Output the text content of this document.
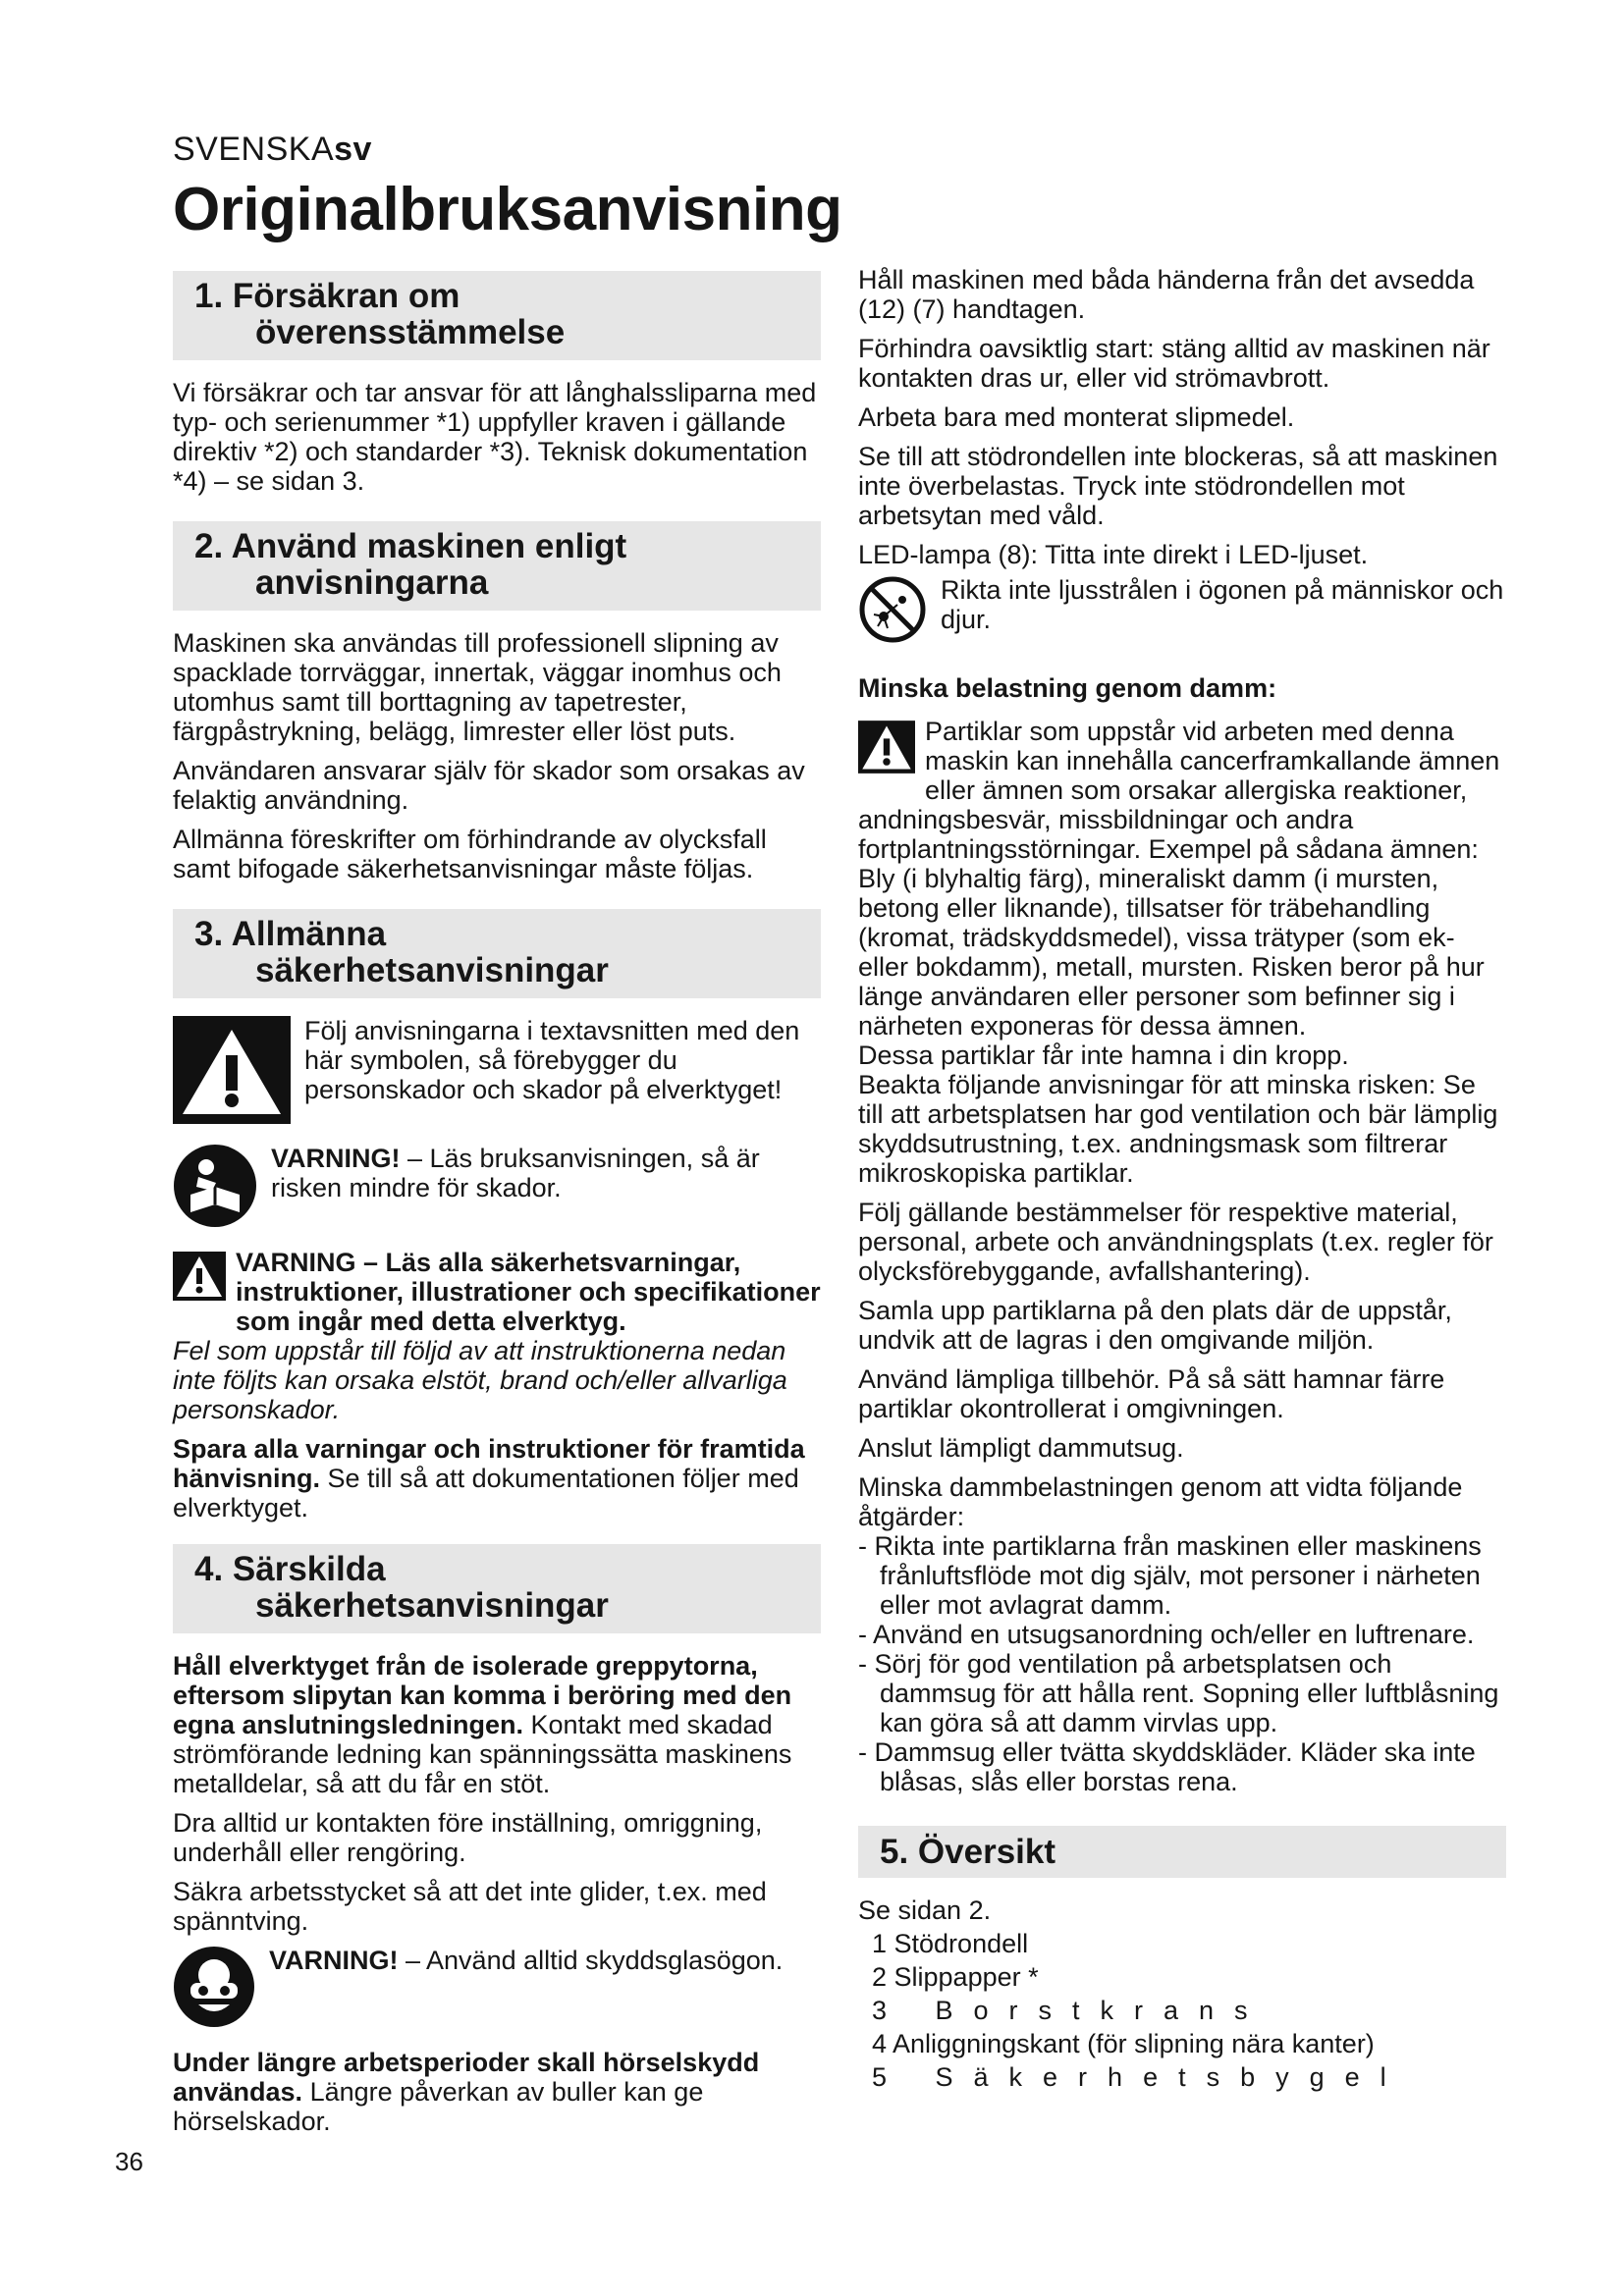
SVENSKAsv
Originalbruksanvisning
1. Försäkran om
överensstämmelse

Vi försäkrar och tar ansvar för att långhalssliparna med typ- och serienummer *1) uppfyller kraven i gällande direktiv *2) och standarder *3). Teknisk dokumentation *4) – se sidan 3.

2. Använd maskinen enligt
anvisningarna

Maskinen ska användas till professionell slipning av spacklade torrväggar, innertak, väggar inomhus och utomhus samt till borttagning av tapetrester, färgpåstrykning, belägg, limrester eller löst puts.

Användaren ansvarar själv för skador som orsakas av felaktig användning.

Allmänna föreskrifter om förhindrande av olycksfall samt bifogade säkerhetsanvisningar måste följas.

3. Allmänna
säkerhetsanvisningar
Följ anvisningarna i textavsnitten med den här symbolen, så förebygger du personskador och skador på elverktyget!
VARNING! – Läs bruksanvisningen, så är risken mindre för skador.

VARNING – Läs alla säkerhetsvarningar, instruktioner, illustrationer och specifikationer som ingår med detta elverktyg.

Fel som uppstår till följd av att instruktionerna nedan inte följts kan orsaka elstöt, brand och/eller allvarliga personskador.

Spara alla varningar och instruktioner för framtida hänvisning. Se till så att dokumentationen följer med elverktyget.

4. Särskilda
säkerhetsanvisningar

Håll elverktyget från de isolerade greppytorna, eftersom slipytan kan komma i beröring med den egna anslutningsledningen. Kontakt med skadad strömförande ledning kan spänningssätta maskinens metalldelar, så att du får en stöt.

Dra alltid ur kontakten före inställning, omriggning, underhåll eller rengöring.

Säkra arbetsstycket så att det inte glider, t.ex. med spänntving.

VARNING! – Använd alltid skyddsglasögon.

Under längre arbetsperioder skall hörselskydd användas. Längre påverkan av buller kan ge hörselskador.

Håll maskinen med båda händerna från det avsedda (12) (7) handtagen.

Förhindra oavsiktlig start: stäng alltid av maskinen när kontakten dras ur, eller vid strömavbrott.

Arbeta bara med monterat slipmedel.

Se till att stödrondellen inte blockeras, så att maskinen inte överbelastas. Tryck inte stödrondellen mot arbetsytan med våld.

LED-lampa (8): Titta inte direkt i LED-ljuset.

Rikta inte ljusstrålen i ögonen på människor och djur.

Minska belastning genom damm:

Partiklar som uppstår vid arbeten med denna maskin kan innehålla cancerframkallande ämnen eller ämnen som orsakar allergiska reaktioner, andningsbesvär, missbildningar och andra fortplantningsstörningar. Exempel på sådana ämnen: Bly (i blyhaltig färg), mineraliskt damm (i mursten, betong eller liknande), tillsatser för träbehandling (kromat, trädskyddsmedel), vissa trätyper (som ek- eller bokdamm), metall, mursten. Risken beror på hur länge användaren eller personer som befinner sig i närheten exponeras för dessa ämnen.

Dessa partiklar får inte hamna i din kropp.

Beakta följande anvisningar för att minska risken: Se till att arbetsplatsen har god ventilation och bär lämplig skyddsutrustning, t.ex. andningsmask som filtrerar mikroskopiska partiklar.

Följ gällande bestämmelser för respektive material, personal, arbete och användningsplats (t.ex. regler för olycksförebyggande, avfallshantering).

Samla upp partiklarna på den plats där de uppstår, undvik att de lagras i den omgivande miljön.

Använd lämpliga tillbehör. På så sätt hamnar färre partiklar okontrollerat i omgivningen.

Anslut lämpligt dammutsug.

Minska dammbelastningen genom att vidta följande åtgärder:

- Rikta inte partiklarna från maskinen eller maskinens frånluftsflöde mot dig själv, mot personer i närheten eller mot avlagrat damm.
- Använd en utsugsanordning och/eller en luftrenare.
- Sörj för god ventilation på arbetsplatsen och dammsug för att hålla rent. Sopning eller luftblåsning kan göra så att damm virvlas upp.
- Dammsug eller tvätta skyddskläder. Kläder ska inte blåsas, slås eller borstas rena.
5. Översikt

Se sidan 2.

1 Stödrondell
2 Slippapper *
3 Borstkrans
4 Anliggningskant (för slipning nära kanter)
5 Säkerhetsbygel
36
